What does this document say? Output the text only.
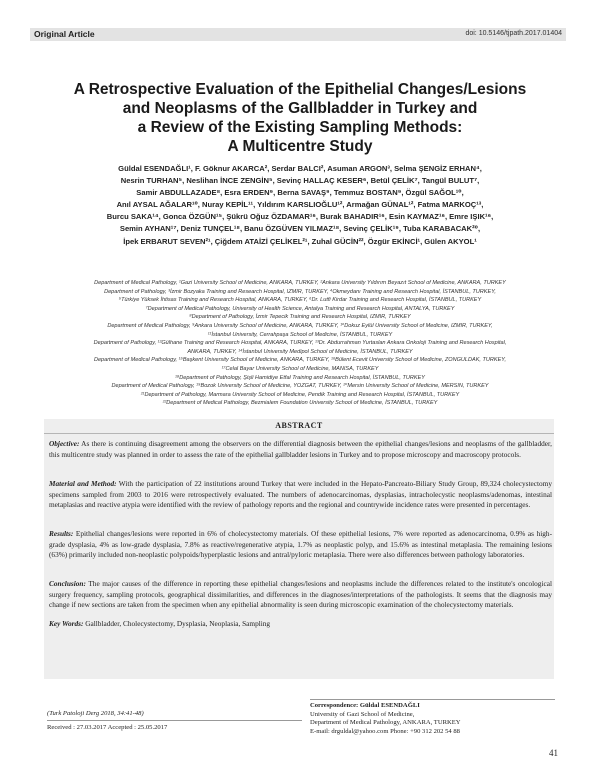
Original Article	doi: 10.5146/tjpath.2017.01404
A Retrospective Evaluation of the Epithelial Changes/Lesions
and Neoplasms of the Gallbladder in Turkey and
a Review of the Existing Sampling Methods:
A Multicentre Study
Güldal ESENDAĞLI¹, F. Göknur AKARCA², Serdar BALCI², Asuman ARGON³, Selma ŞENGİZ ERHAN⁴,
Nesrin TURHAN⁵, Neslihan İNCE ZENGİN⁵, Sevinç HALLAÇ KESER⁶, Betül ÇELİK⁷, Tangül BULUT⁷,
Samir ABDULLAZADE⁸, Esra ERDEN⁹, Berna SAVAŞ⁹, Temmuz BOSTAN⁹, Özgül SAĞOL¹⁰,
Anıl AYSAL AĞALAR¹⁰, Nuray KEPİL¹¹, Yıldırım KARSLIOĞLU¹², Armağan GÜNAL¹², Fatma MARKOÇ¹³,
Burcu SAKA¹⁴, Gonca ÖZGÜN¹⁵, Şükrü Oğuz ÖZDAMAR¹⁶, Burak BAHADIR¹⁶, Esin KAYMAZ¹⁶, Emre IŞIK¹⁶,
Semin AYHAN¹⁷, Deniz TUNÇEL¹⁸, Banu ÖZGÜVEN YILMAZ¹⁸, Sevinç ÇELİK¹⁹, Tuba KARABACAK²⁰,
İpek ERBARUT SEVEN²¹, Çiğdem ATAİZİ ÇELİKEL²¹, Zuhal GÜCİN²², Özgür EKİNCİ¹, Gülen AKYOL¹
Department of Medical Pathology, ¹Gazi University School of Medicine, ANKARA, TURKEY, ²Ankara University Yıldırım Beyazıt School of Medicine, ANKARA, TURKEY
Department of Pathology, ³İzmir Bozyaka Training and Research Hospital, IZMIR, TURKEY, ⁴Okmeydanı Training and Research Hospital, İSTANBUL, TURKEY,
⁵Türkiye Yüksek İhtisas Training and Research Hospital, ANKARA, TURKEY, ⁶Dr. Lutfi Kirdar Training and Research Hospital, İSTANBUL, TURKEY
⁷Department of Medical Pathology, University of Health Science, Antalya Training and Research Hospital, ANTALYA, TURKEY
⁸Department of Pathology, İzmir Tepecik Training and Research Hospital, IZMIR, TURKEY
Department of Medical Pathology, ⁹Ankara University School of Medicine, ANKARA, TURKEY, ¹⁰Dokuz Eylül University School of Medicine, IZMIR, TURKEY,
¹¹İstanbul University, Cerrahpaşa School of Medicine, İSTANBUL, TURKEY
Department of Pathology, ¹²Gülhane Training and Research Hospital, ANKARA, TURKEY, ¹³Dr. Abdurrahman Yurtaslan Ankara Onkoloji Training and Research Hospital,
ANKARA, TURKEY, ¹⁴İstanbul University Medipol School of Medicine, İSTANBUL, TURKEY
Department of Medical Pathology, ¹⁵Başkent University School of Medicine, ANKARA, TURKEY, ¹⁶Bülent Ecevit University School of Medicine, ZONGULDAK, TURKEY,
¹⁷Celal Bayar University School of Medicine, MANISA, TURKEY
¹⁸Department of Pathology, Şişli Hamidiye Etfal Training and Research Hospital, İSTANBUL, TURKEY
Department of Medical Pathology, ¹⁹Bozok University School of Medicine, YOZGAT, TURKEY, ²⁰Mersin University School of Medicine, MERSIN, TURKEY
²¹Department of Pathology, Marmara University School of Medicine, Pendik Training and Research Hospital, İSTANBUL, TURKEY
²²Department of Medical Pathology, Bezmialem Foundation University School of Medicine, İSTANBUL, TURKEY
ABSTRACT
Objective: As there is continuing disagreement among the observers on the differential diagnosis between the epithelial changes/lesions and neoplasms of the gallbladder, this multicentre study was planned in order to assess the rate of the epithelial gallbladder lesions in Turkey and to propose microscopy and macroscopy protocols.
Material and Method: With the participation of 22 institutions around Turkey that were included in the Hepato-Pancreato-Biliary Study Group, 89,324 cholecystectomy specimens sampled from 2003 to 2016 were retrospectively evaluated. The numbers of adenocarcinomas, dysplasias, intracholecystic neoplasms/adenomas, intestinal metaplasias and reactive atypia were identified with the review of pathology reports and the regional and countrywide incidence rates were presented in percentages.
Results: Epithelial changes/lesions were reported in 6% of cholecystectomy materials. Of these epithelial lesions, 7% were reported as adenocarcinoma, 0.9% as high-grade dysplasia, 4% as low-grade dysplasia, 7.8% as reactive/regenerative atypia, 1.7% as neoplastic polyp, and 15.6% as intestinal metaplasia. The remaining lesions (63%) primarily included non-neoplastic polypoids/hyperplastic lesions and antral/pyloric metaplasia. There were also differences between pathology laboratories.
Conclusion: The major causes of the difference in reporting these epithelial changes/lesions and neoplasms include the differences related to the institute's oncological surgery frequency, sampling protocols, geographical dissimilarities, and differences in the diagnoses/interpretations of the pathologists. It seems that the diagnosis may change if new sections are taken from the specimen when any epithelial abnormality is seen during microscopic examination of the cholecystectomy materials.
Key Words: Gallbladder, Cholecystectomy, Dysplasia, Neoplasia, Sampling
(Turk Patoloji Derg 2018, 34:41-48)
Received : 27.03.2017 Accepted : 25.05.2017
Correspondence: Güldal ESENDAĞLI
University of Gazi School of Medicine,
Department of Medical Pathology, ANKARA, TURKEY
E-mail: drguldal@yahoo.com Phone: +90 312 202 54 88
41
